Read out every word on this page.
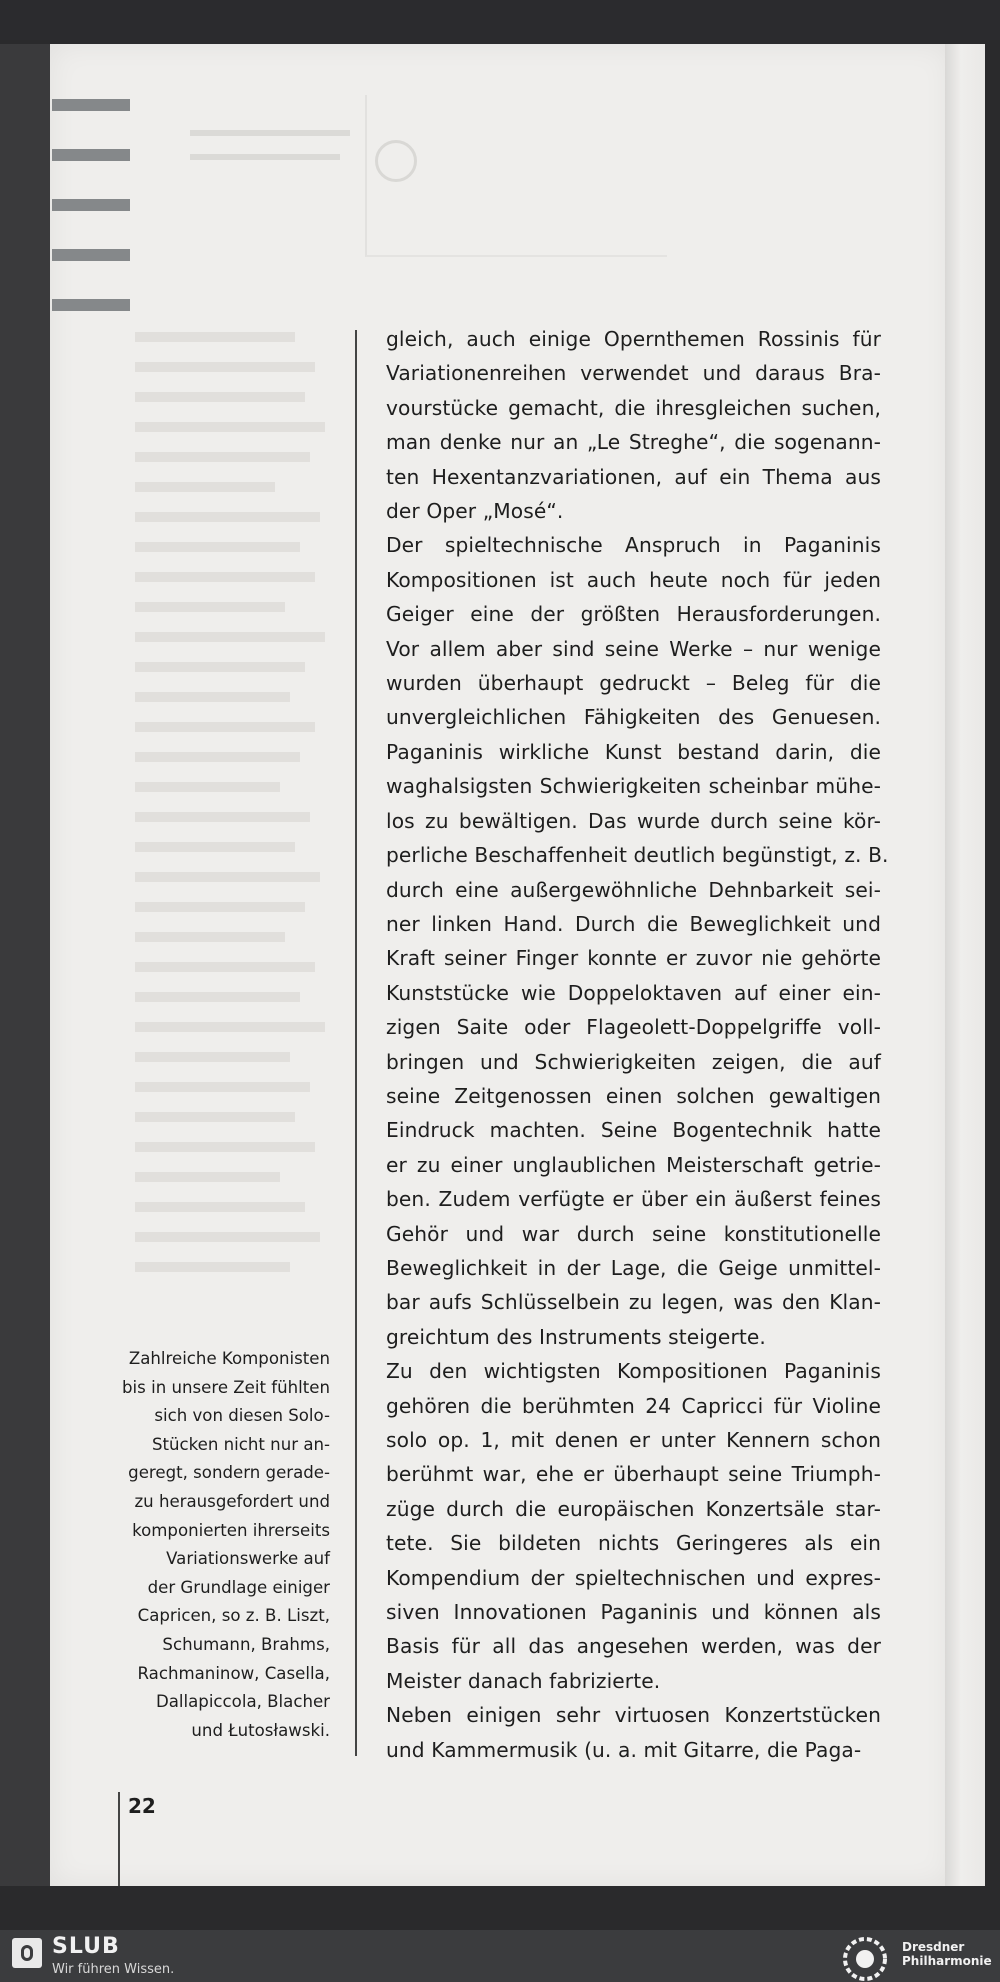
gleich, auch einige Opernthemen Rossinis für
Variationenreihen verwendet und daraus Bra-
vourstücke gemacht, die ihresgleichen suchen,
man denke nur an „Le Streghe“, die sogenann-
ten Hexentanzvariationen, auf ein Thema aus
der Oper „Mosé“.
Der spieltechnische Anspruch in Paganinis
Kompositionen ist auch heute noch für jeden
Geiger eine der größten Herausforderungen.
Vor allem aber sind seine Werke – nur wenige
wurden überhaupt gedruckt – Beleg für die
unvergleichlichen Fähigkeiten des Genuesen.
Paganinis wirkliche Kunst bestand darin, die
waghalsigsten Schwierigkeiten scheinbar mühe-
los zu bewältigen. Das wurde durch seine kör-
perliche Beschaffenheit deutlich begünstigt, z. B.
durch eine außergewöhnliche Dehnbarkeit sei-
ner linken Hand. Durch die Beweglichkeit und
Kraft seiner Finger konnte er zuvor nie gehörte
Kunststücke wie Doppeloktaven auf einer ein-
zigen Saite oder Flageolett-Doppelgriffe voll-
bringen und Schwierigkeiten zeigen, die auf
seine Zeitgenossen einen solchen gewaltigen
Eindruck machten. Seine Bogentechnik hatte
er zu einer unglaublichen Meisterschaft getrie-
ben. Zudem verfügte er über ein äußerst feines
Gehör und war durch seine konstitutionelle
Beweglichkeit in der Lage, die Geige unmittel-
bar aufs Schlüsselbein zu legen, was den Klan-
greichtum des Instruments steigerte.
Zu den wichtigsten Kompositionen Paganinis
gehören die berühmten 24 Capricci für Violine
solo op. 1, mit denen er unter Kennern schon
berühmt war, ehe er überhaupt seine Triumph-
züge durch die europäischen Konzertsäle star-
tete. Sie bildeten nichts Geringeres als ein
Kompendium der spieltechnischen und expres-
siven Innovationen Paganinis und können als
Basis für all das angesehen werden, was der
Meister danach fabrizierte.
Neben einigen sehr virtuosen Konzertstücken
und Kammermusik (u. a. mit Gitarre, die Paga-
Zahlreiche Komponisten
bis in unsere Zeit fühlten
sich von diesen Solo-
Stücken nicht nur an-
geregt, sondern gerade-
zu herausgefordert und
komponierten ihrerseits
Variationswerke auf
der Grundlage einiger
Capricen, so z. B. Liszt,
Schumann, Brahms,
Rachmaninow, Casella,
Dallapiccola, Blacher
und Łutosławski.
22
SLUB
Wir führen Wissen.
Dresdner
Philharmonie
